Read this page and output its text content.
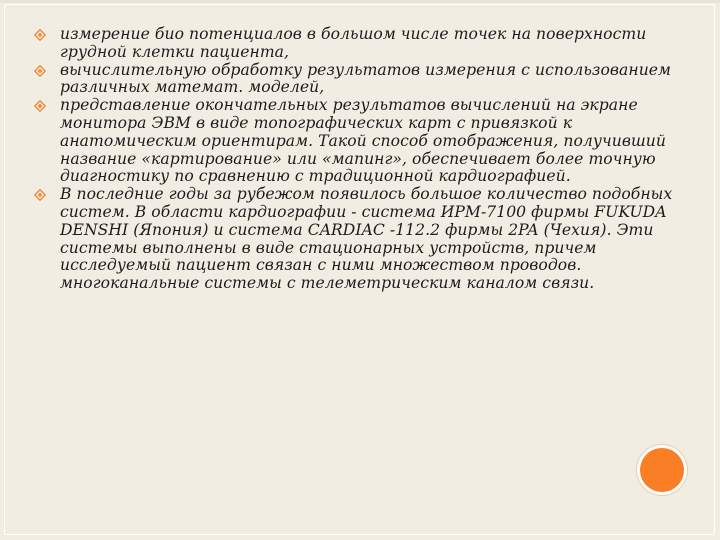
измерение био потенциалов в большом числе точек на поверхности грудной клетки пациента,
вычислительную обработку результатов измерения с использованием различных математ. моделей,
представление окончательных результатов вычислений на экране монитора ЭВМ в виде топографических карт с привязкой к анатомическим ориентирам. Такой способ отображения, получивший название «картирование» или «мапинг», обеспечивает более точную диагностику по сравнению с традиционной кардиографией.
В последние годы за рубежом появилось большое количество подобных систем. В области кардиографии - система ИРМ-7100 фирмы FUKUDA DENSHI (Япония) и система CARDIAC -112.2 фирмы 2PA (Чехия). Эти системы выполнены в виде стационарных устройств, причем исследуемый пациент связан с ними множеством проводов. многоканальные системы с телеметрическим каналом связи.
